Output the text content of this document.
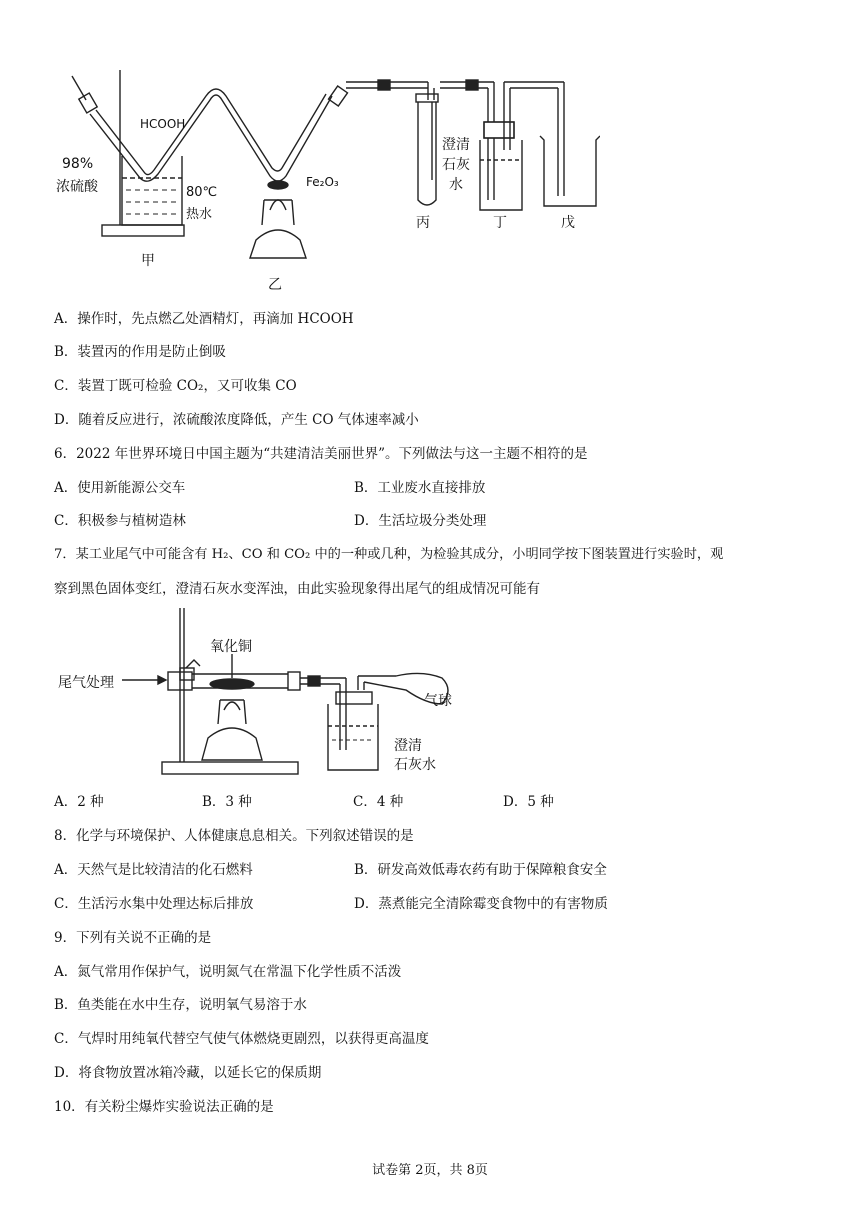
HCOOH
98%
浓硫酸	80℃
热水
Fe₂O₃
澄清
石灰
水
甲
乙
丙	丁	戊
A．操作时，先点燃乙处酒精灯，再滴加 HCOOH
B．装置丙的作用是防止倒吸
C．装置丁既可检验 CO₂，又可收集 CO
D．随着反应进行，浓硫酸浓度降低，产生 CO 气体速率减小
6．2022 年世界环境日中国主题为“共建清洁美丽世界”。下列做法与这一主题不相符的是
A．使用新能源公交车	B．工业废水直接排放
C．积极参与植树造林	D．生活垃圾分类处理
7．某工业尾气中可能含有 H₂、CO 和 CO₂ 中的一种或几种，为检验其成分，小明同学按下图装置进行实验时，观
察到黑色固体变红，澄清石灰水变浑浊，由此实验现象得出尾气的组成情况可能有
氧化铜
尾气处理
气球
澄清
石灰水
A．2 种	B．3 种	C．4 种	D．5 种
8．化学与环境保护、人体健康息息相关。下列叙述错误的是
A．天然气是比较清洁的化石燃料	B．研发高效低毒农药有助于保障粮食安全
C．生活污水集中处理达标后排放	D．蒸煮能完全清除霉变食物中的有害物质
9．下列有关说不正确的是
A．氮气常用作保护气，说明氮气在常温下化学性质不活泼
B．鱼类能在水中生存，说明氧气易溶于水
C．气焊时用纯氧代替空气使气体燃烧更剧烈，以获得更高温度
D．将食物放置冰箱冷藏，以延长它的保质期
10．有关粉尘爆炸实验说法正确的是
试卷第 2页，共 8页
